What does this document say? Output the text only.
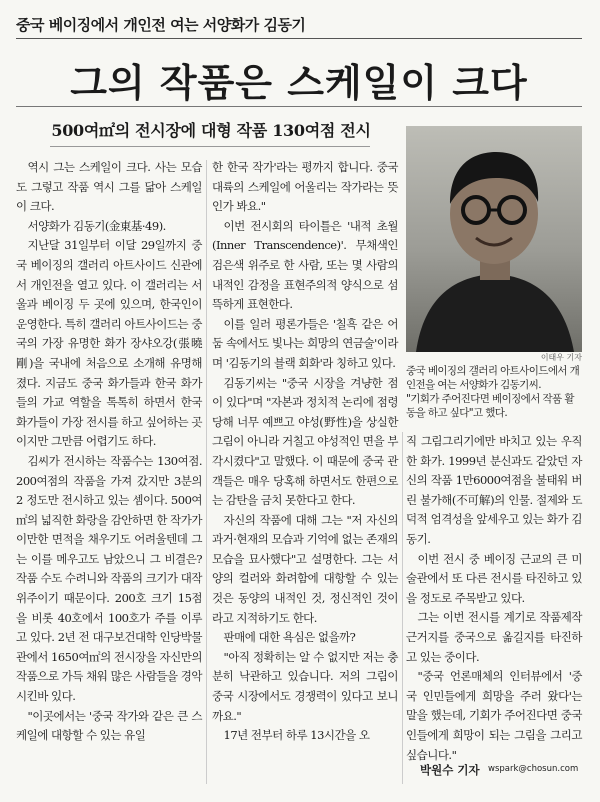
중국 베이징에서 개인전 여는 서양화가 김동기
그의 작품은 스케일이 크다
500여㎡의 전시장에 대형 작품 130여점 전시

역시 그는 스케일이 크다. 사는 모습도 그렇고 작품 역시 그를 닮아 스케일이 크다.

서양화가 김동기(金東基·49).

지난달 31일부터 이달 29일까지 중국 베이징의 갤러리 아트사이드 신관에서 개인전을 열고 있다. 이 갤러리는 서울과 베이징 두 곳에 있으며, 한국인이 운영한다. 특히 갤러리 아트사이드는 중국의 가장 유명한 화가 장샤오강(張曉剛)을 국내에 처음으로 소개해 유명해졌다. 지금도 중국 화가들과 한국 화가들의 가교 역할을 톡톡히 하면서 한국 화가들이 가장 전시를 하고 싶어하는 곳이지만 그만큼 어렵기도 하다.

김씨가 전시하는 작품수는 130여점. 200여점의 작품을 가져 갔지만 3분의 2 정도만 전시하고 있는 셈이다. 500여㎡의 넓직한 화랑을 감안하면 한 작가가 이만한 면적을 채우기도 어려울텐데 그는 이를 메우고도 남았으니 그 비결은? 작품 수도 수려니와 작품의 크기가 대작 위주이기 때문이다. 200호 크기 15점을 비롯 40호에서 100호가 주를 이루고 있다. 2년 전 대구보건대학 인당박물관에서 1650여㎡의 전시장을 자신만의 작품으로 가득 채워 많은 사람들을 경악시킨바 있다.

"이곳에서는 '중국 작가와 같은 큰 스케일에 대항할 수 있는 유일

한 한국 작가'라는 평까지 합니다. 중국 대륙의 스케일에 어울리는 작가라는 뜻인가 봐요."

이번 전시회의 타이틀은 '내적 초월(Inner Transcendence)'. 무채색인 검은색 위주로 한 사람, 또는 몇 사람의 내적인 감정을 표현주의적 양식으로 섬뜩하게 표현한다.

이를 일러 평론가들은 '칠흑 같은 어둠 속에서도 빛나는 희망의 연금술'이라며 '김동기의 블랙 회화'라 칭하고 있다.

김동기씨는 "중국 시장을 겨냥한 점이 있다"며 "자본과 정치적 논리에 점령당해 너무 예쁘고 야성(野性)을 상실한 그림이 아니라 거칠고 야성적인 면을 부각시켰다"고 말했다. 이 때문에 중국 관객들은 매우 당혹해 하면서도 한편으로는 감탄을 금치 못한다고 한다.

자신의 작품에 대해 그는 "저 자신의 과거·현재의 모습과 기억에 없는 존재의 모습을 묘사했다"고 설명한다. 그는 서양의 컬러와 화려함에 대항할 수 있는 것은 동양의 내적인 것, 정신적인 것이라고 지적하기도 한다.

판매에 대한 욕심은 없을까?

"아직 정확히는 알 수 없지만 저는 충분히 낙관하고 있습니다. 저의 그림이 중국 시장에서도 경쟁력이 있다고 보니까요."

17년 전부터 하루 13시간을 오

이태우 기자

중국 베이징의 갤러리 아트사이드에서 개인전을 여는 서양화가 김동기씨.

"기회가 주어진다면 베이징에서 작품 활동을 하고 싶다"고 했다.

직 그림그리기에만 바치고 있는 우직한 화가. 1999년 분신과도 같았던 자신의 작품 1만6000여점을 불태워 버린 불가해(不可解)의 인물. 절제와 도덕적 엄격성을 앞세우고 있는 화가 김동기.

이번 전시 중 베이징 근교의 큰 미술관에서 또 다른 전시를 타진하고 있을 정도로 주목받고 있다.

그는 이번 전시를 계기로 작품제작 근거지를 중국으로 옮길지를 타진하고 있는 중이다.

"중국 언론매체의 인터뷰에서 '중국 인민들에게 희망을 주러 왔다'는 말을 했는데, 기회가 주어진다면 중국인들에게 희망이 되는 그림을 그리고 싶습니다."

박원수 기자 wspark@chosun.com
